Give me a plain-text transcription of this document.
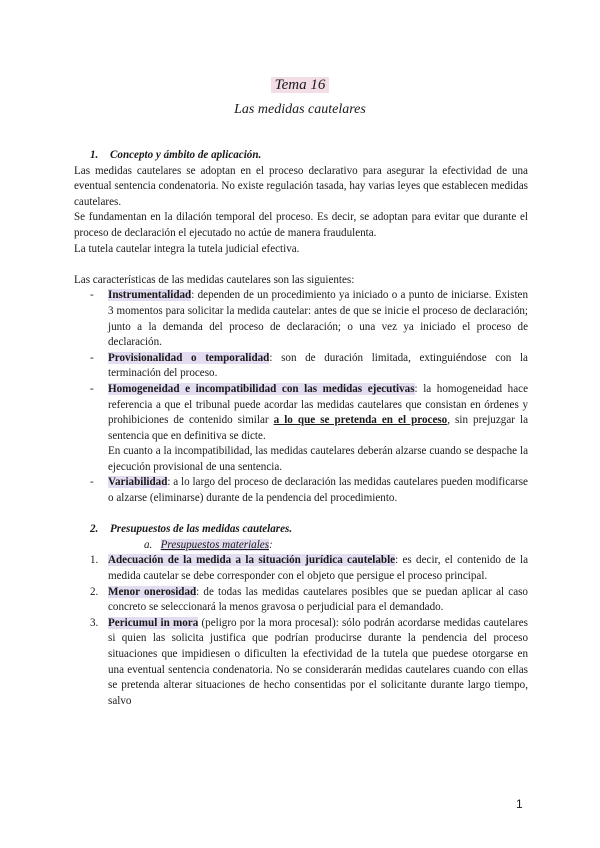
Tema 16
Las medidas cautelares

1. Concepto y ámbito de aplicación.

Las medidas cautelares se adoptan en el proceso declarativo para asegurar la efectividad de una eventual sentencia condenatoria. No existe regulación tasada, hay varias leyes que establecen medidas cautelares.

Se fundamentan en la dilación temporal del proceso. Es decir, se adoptan para evitar que durante el proceso de declaración el ejecutado no actúe de manera fraudulenta.

La tutela cautelar integra la tutela judicial efectiva.

Las características de las medidas cautelares son las siguientes:

- Instrumentalidad: dependen de un procedimiento ya iniciado o a punto de iniciarse. Existen 3 momentos para solicitar la medida cautelar: antes de que se inicie el proceso de declaración; junto a la demanda del proceso de declaración; o una vez ya iniciado el proceso de declaración.
- Provisionalidad o temporalidad: son de duración limitada, extinguiéndose con la terminación del proceso.
- Homogeneidad e incompatibilidad con las medidas ejecutivas: la homogeneidad hace referencia a que el tribunal puede acordar las medidas cautelares que consistan en órdenes y prohibiciones de contenido similar a lo que se pretenda en el proceso, sin prejuzgar la sentencia que en definitiva se dicte.
En cuanto a la incompatibilidad, las medidas cautelares deberán alzarse cuando se despache la ejecución provisional de una sentencia.
- Variabilidad: a lo largo del proceso de declaración las medidas cautelares pueden modificarse o alzarse (eliminarse) durante de la pendencia del procedimiento.

2. Presupuestos de las medidas cautelares.

a. Presupuestos materiales:

1. Adecuación de la medida a la situación jurídica cautelable: es decir, el contenido de la medida cautelar se debe corresponder con el objeto que persigue el proceso principal.
2. Menor onerosidad: de todas las medidas cautelares posibles que se puedan aplicar al caso concreto se seleccionará la menos gravosa o perjudicial para el demandado.
3. Pericumul in mora (peligro por la mora procesal): sólo podrán acordarse medidas cautelares si quien las solicita justifica que podrían producirse durante la pendencia del proceso situaciones que impidiesen o dificulten la efectividad de la tutela que puedese otorgarse en una eventual sentencia condenatoria. No se considerarán medidas cautelares cuando con ellas se pretenda alterar situaciones de hecho consentidas por el solicitante durante largo tiempo, salvo
1
